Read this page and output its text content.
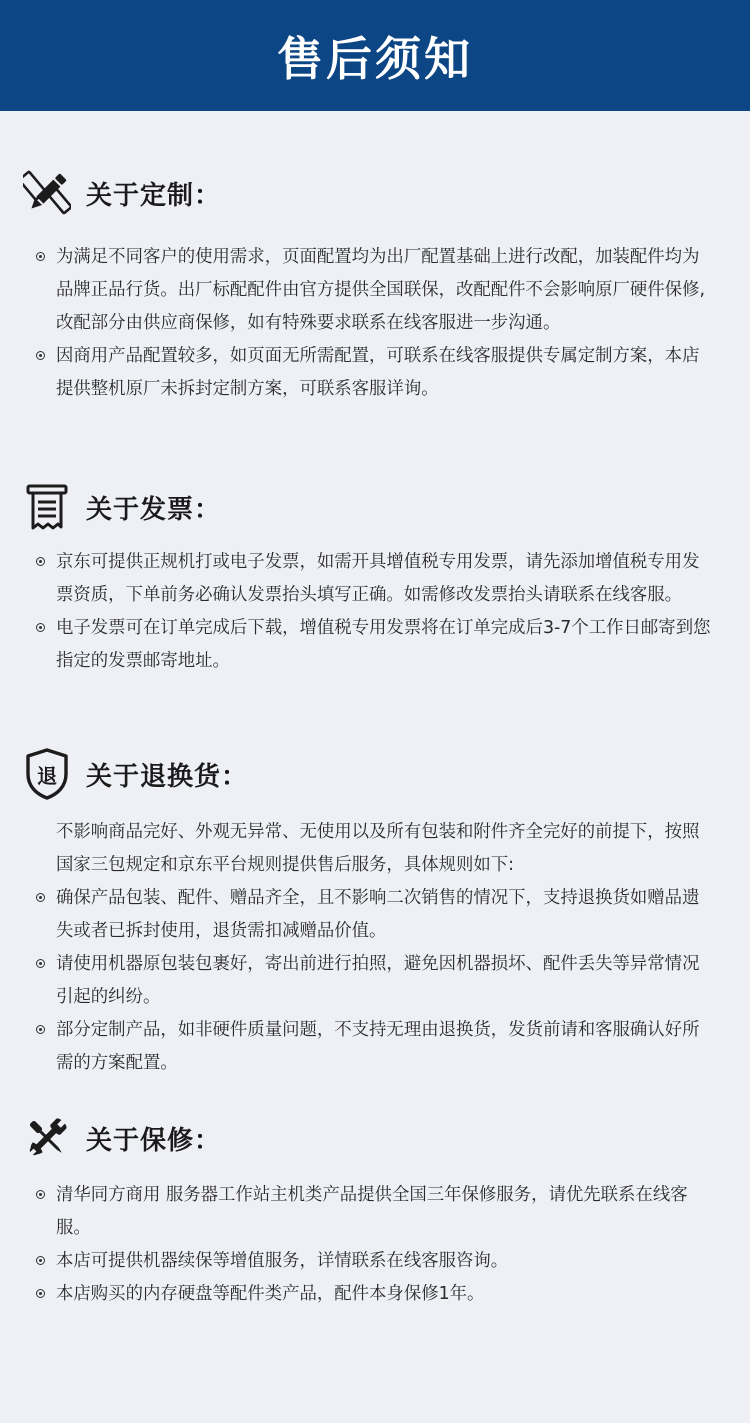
售后须知
关于定制：
为满足不同客户的使用需求，页面配置均为出厂配置基础上进行改配，加装配件均为品牌正品行货。出厂标配配件由官方提供全国联保，改配配件不会影响原厂硬件保修,改配部分由供应商保修，如有特殊要求联系在线客服进一步沟通。
因商用产品配置较多，如页面无所需配置，可联系在线客服提供专属定制方案，本店提供整机原厂未拆封定制方案，可联系客服详询。
关于发票：
京东可提供正规机打或电子发票，如需开具增值税专用发票，请先添加增值税专用发票资质，下单前务必确认发票抬头填写正确。如需修改发票抬头请联系在线客服。
电子发票可在订单完成后下载，增值税专用发票将在订单完成后3-7个工作日邮寄到您指定的发票邮寄地址。
退	关于退换货：
不影响商品完好、外观无异常、无使用以及所有包装和附件齐全完好的前提下，按照国家三包规定和京东平台规则提供售后服务，具体规则如下:
确保产品包装、配件、赠品齐全，且不影响二次销售的情况下，支持退换货如赠品遗失或者已拆封使用，退货需扣减赠品价值。
请使用机器原包装包裹好，寄出前进行拍照，避免因机器损坏、配件丢失等异常情况引起的纠纷。
部分定制产品，如非硬件质量问题，不支持无理由退换货，发货前请和客服确认好所需的方案配置。
关于保修：
清华同方商用 服务器工作站主机类产品提供全国三年保修服务，请优先联系在线客服。
本店可提供机器续保等增值服务，详情联系在线客服咨询。
本店购买的内存硬盘等配件类产品，配件本身保修1年。
